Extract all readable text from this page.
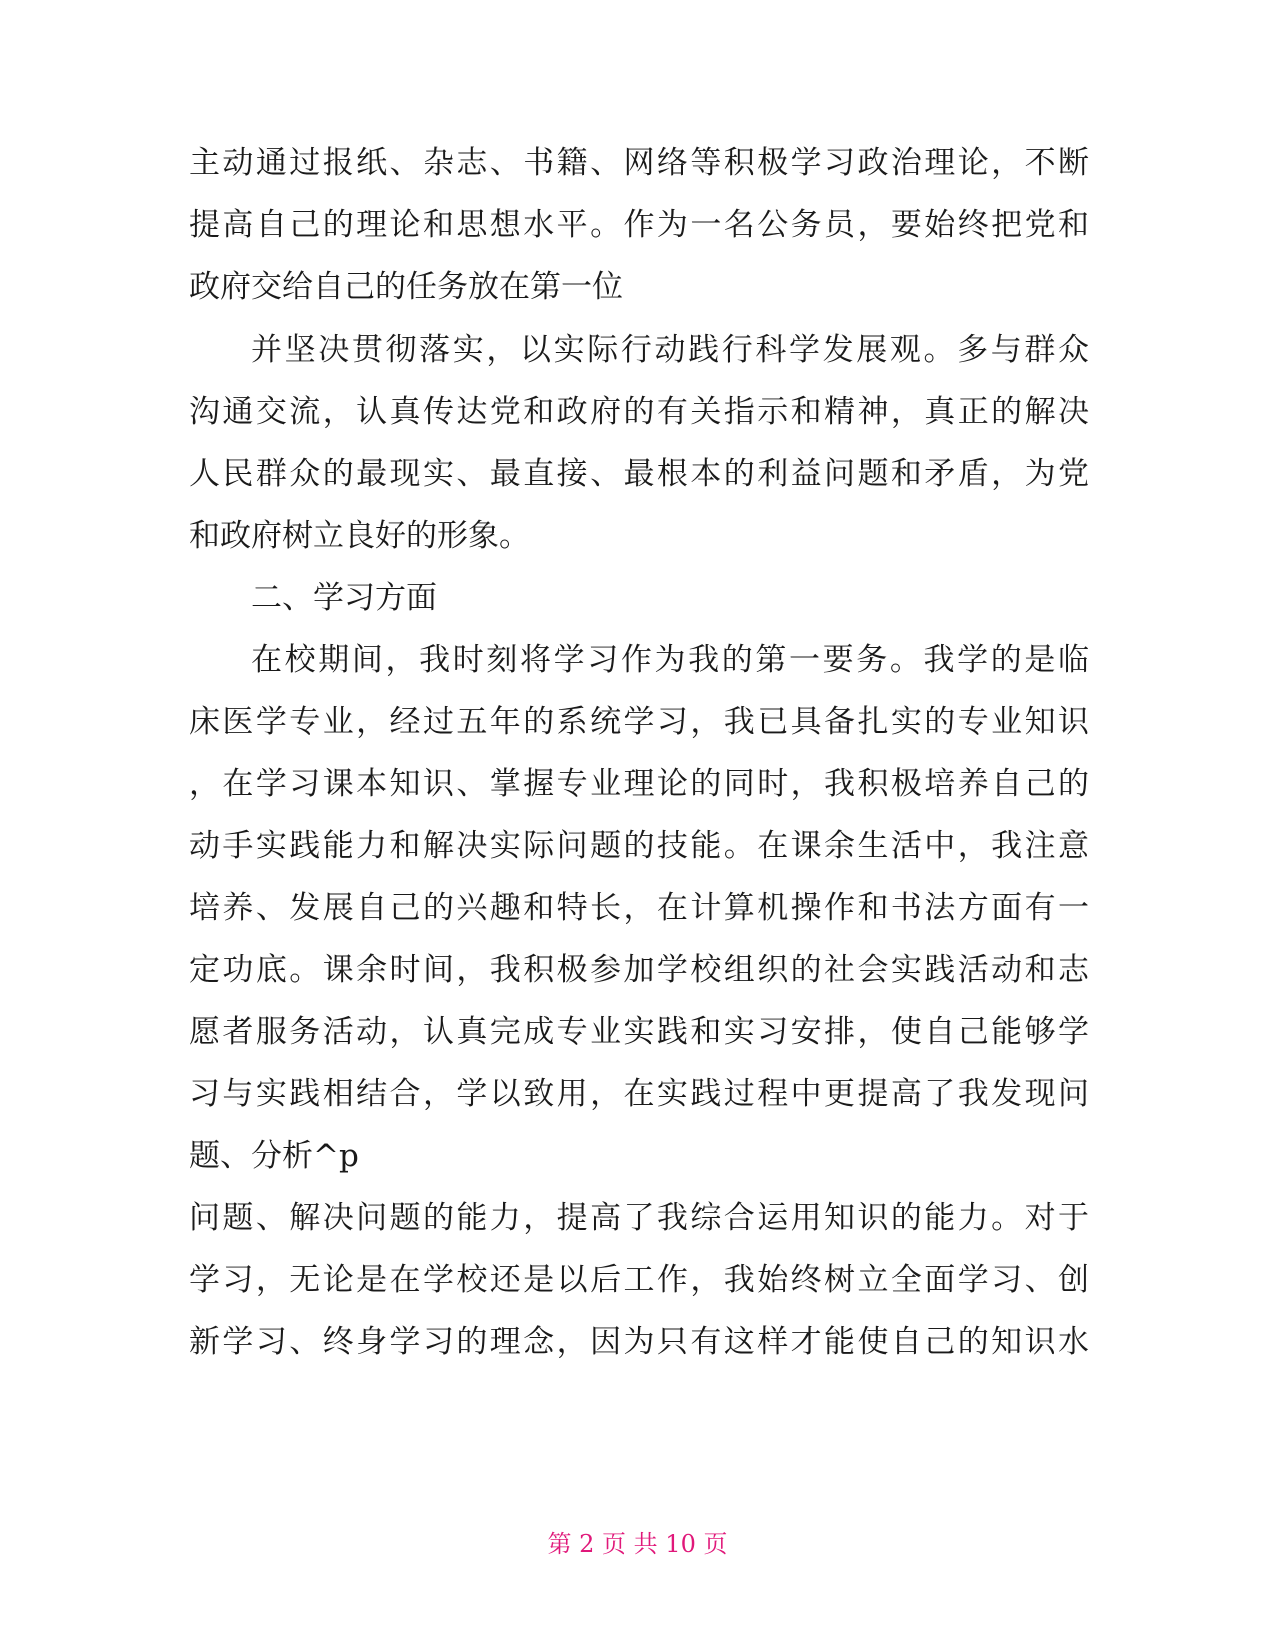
主动通过报纸、杂志、书籍、网络等积极学习政治理论，不断
提高自己的理论和思想水平。作为一名公务员，要始终把党和
政府交给自己的任务放在第一位
并坚决贯彻落实，以实际行动践行科学发展观。多与群众
沟通交流，认真传达党和政府的有关指示和精神，真正的解决
人民群众的最现实、最直接、最根本的利益问题和矛盾，为党
和政府树立良好的形象。
二、学习方面
在校期间，我时刻将学习作为我的第一要务。我学的是临
床医学专业，经过五年的系统学习，我已具备扎实的专业知识
，在学习课本知识、掌握专业理论的同时，我积极培养自己的
动手实践能力和解决实际问题的技能。在课余生活中，我注意
培养、发展自己的兴趣和特长，在计算机操作和书法方面有一
定功底。课余时间，我积极参加学校组织的社会实践活动和志
愿者服务活动，认真完成专业实践和实习安排，使自己能够学
习与实践相结合，学以致用，在实践过程中更提高了我发现问
题、分析^p
问题、解决问题的能力，提高了我综合运用知识的能力。对于
学习，无论是在学校还是以后工作，我始终树立全面学习、创
新学习、终身学习的理念，因为只有这样才能使自己的知识水
第 2 页 共 10 页
